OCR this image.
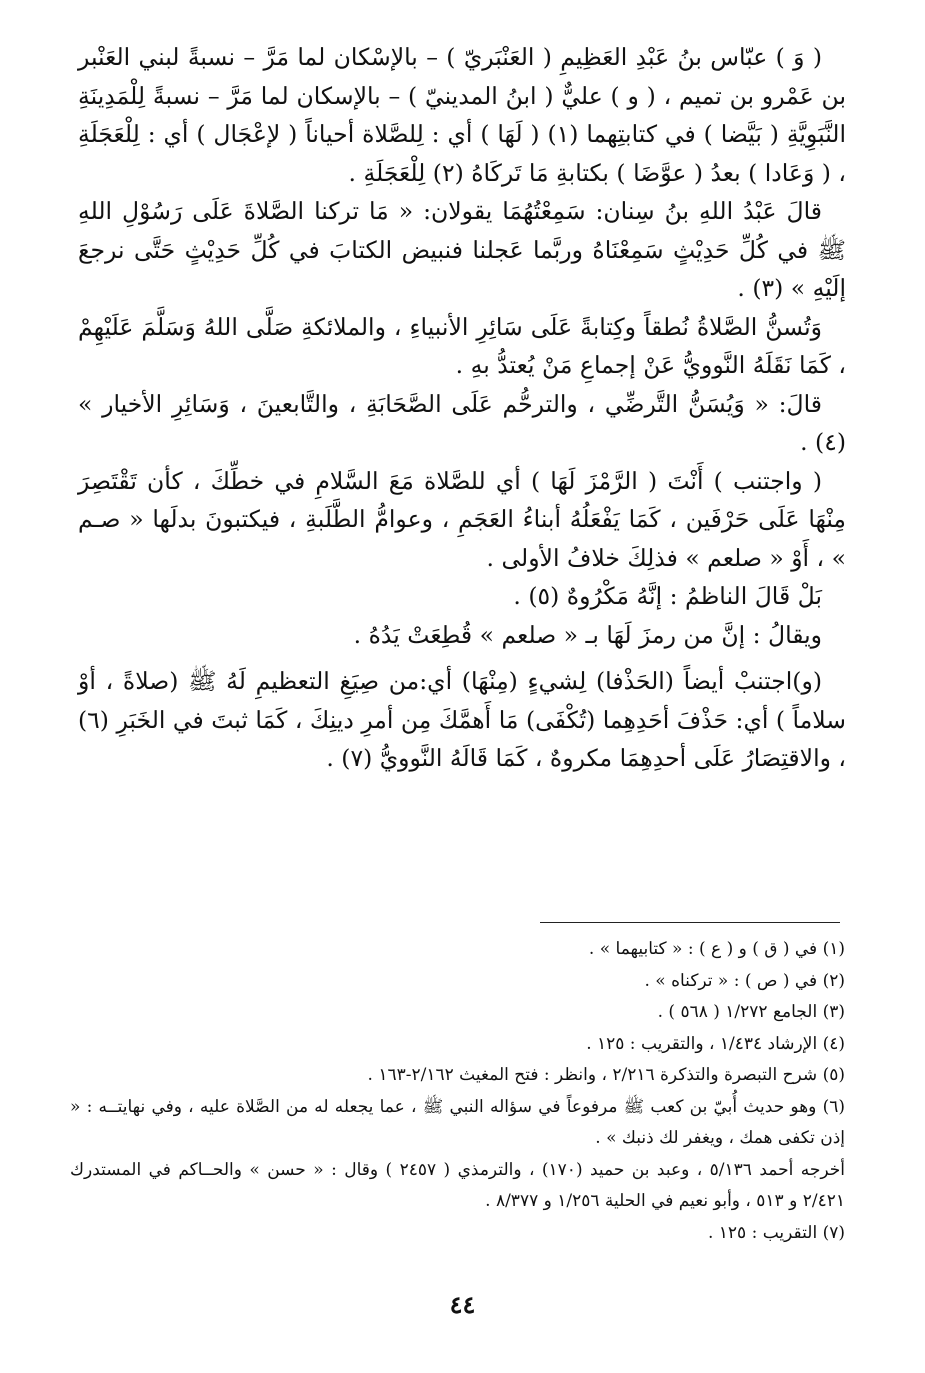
( وَ ) عبّاس بنُ عَبْدِ العَظِيمِ ( العَنْبَريّ ) – بالإسْكان لما مَرَّ – نسبةً لبني العَنْبر بن عَمْرو بن تميم ، ( و ) عليٌّ ( ابنُ المدينيّ ) – بالإسكان لما مَرَّ – نسبةً لِلْمَدِينَةِ النَّبَوِيَّةِ ( بَيَّضا ) في كتابتِهما (١) ( لَهَا ) أي : لِلصَّلاة أحياناً ( لإعْجَال ) أي : لِلْعَجَلَةِ ، ( وَعَادا ) بعدُ ( عوَّضَا ) بكتابةِ مَا تَركَاهُ (٢) لِلْعَجَلَةِ .

قالَ عَبْدُ اللهِ بنُ سِنان: سَمِعْتُهُمَا يقولان: « مَا تركنا الصَّلاةَ عَلَى رَسُوْلِ اللهِ ﷺ في كُلِّ حَدِيْثٍ سَمِعْنَاهُ وربَّما عَجلنا فنبيض الكتابَ في كُلِّ حَدِيْثٍ حَتَّى نرجعَ إلَيْهِ » (٣) .

وَتُسنُّ الصَّلاةُ نُطقاً وكِتابةً عَلَى سَائِرِ الأنبياءِ ، والملائكةِ صَلَّى اللهُ وَسَلَّمَ عَلَيْهِمْ ، كَمَا نَقَلَهُ النَّوويُّ عَنْ إجماعِ مَنْ يُعتدُّ بهِ .

قالَ: « وَيُسَنُّ التَّرضِّي ، والترحُّم عَلَى الصَّحَابَةِ ، والتَّابعينَ ، وَسَائِرِ الأخيار » (٤) .

( واجتنب ) أَنْتَ ( الرَّمْزَ لَهَا ) أي للصَّلاة مَعَ السَّلامِ في خطِّكَ ، كأن تَقْتَصِرَ مِنْهَا عَلَى حَرْفَين ، كَمَا يَفْعَلُهُ أبناءُ العَجَمِ ، وعوامُّ الطَّلَبةِ ، فيكتبونَ بدلَها « صـم » ، أَوْ « صلعم » فذلِكَ خلافُ الأولى .

بَلْ قَالَ الناظمُ : إنَّهُ مَكْرُوهٌ (٥) .

ويقالُ : إنَّ من رمزَ لَهَا بـ « صلعم » قُطِعَتْ يَدُهُ .

(و)اجتنبْ أيضاً (الحَذْفا) لِشيءٍ (مِنْهَا) أي:من صِيَغِ التعظيمِ لَهُ ﷺ (صلاةً ، أوْ سلاماً ) أي: حَذْفَ أحَدِهِما (تُكْفَى) مَا أَهمَّكَ مِن أمرِ دينِكَ ، كَمَا ثبتَ في الخَبَرِ (٦) ، والاقتِصَارُ عَلَى أحدِهِمَا مكروهٌ ، كَمَا قَالَهُ النَّوويُّ (٧) .

(١) في ( ق ) و ( ع ) : « كتابيهما » .

(٢) في ( ص ) : « تركناه » .

(٣) الجامع ١/٢٧٢ ( ٥٦٨ ) .

(٤) الإرشاد ١/٤٣٤ ، والتقريب : ١٢٥ .

(٥) شرح التبصرة والتذكرة ٢/٢١٦ ، وانظر : فتح المغيث ٢/١٦٢-١٦٣ .

(٦) وهو حديث أُبيّ بن كعب ﷺ مرفوعاً في سؤاله النبي ﷺ ، عما يجعله له من الصَّلاة عليه ، وفي نهايتــه : « إذن تكفى همك ، ويغفر لك ذنبك » .

أخرجه أحمد ٥/١٣٦ ، وعبد بن حميد (١٧٠) ، والترمذي ( ٢٤٥٧ ) وقال : « حسن » والحــاكم في المستدرك ٢/٤٢١ و ٥١٣ ، وأبو نعيم في الحلية ١/٢٥٦ و ٨/٣٧٧ .

(٧) التقريب : ١٢٥ .

٤٤
